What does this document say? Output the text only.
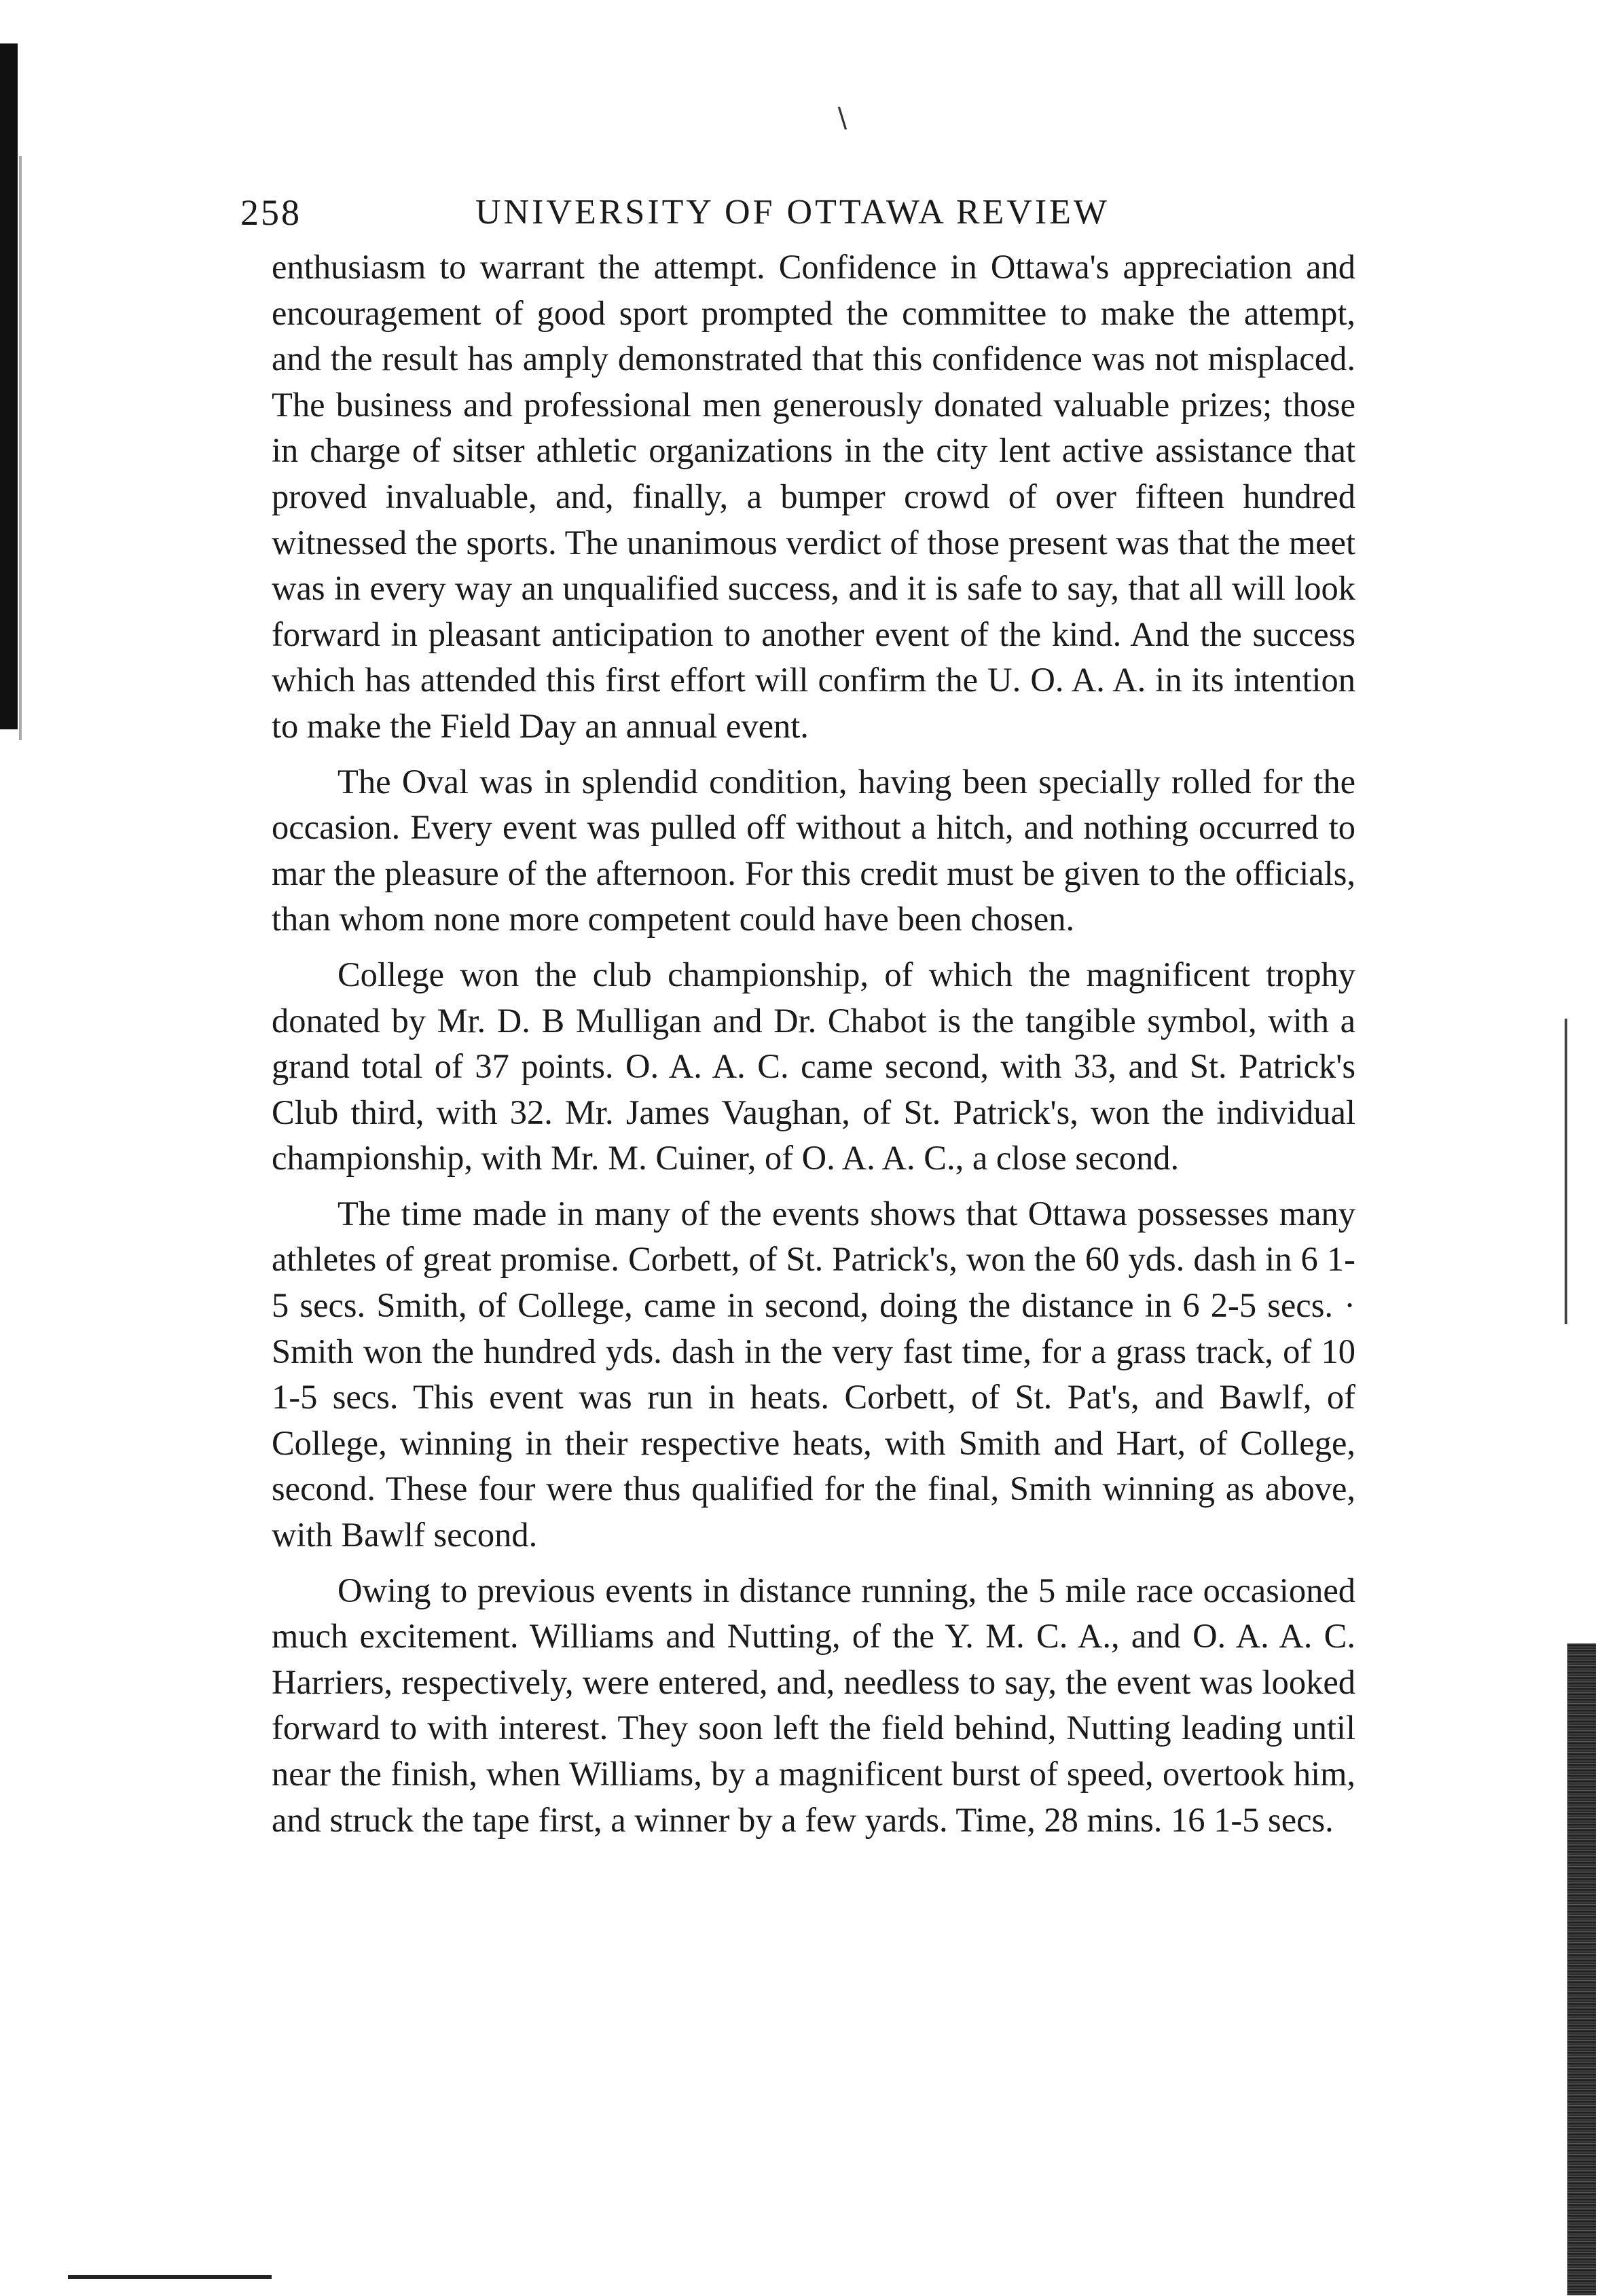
∖
258	UNIVERSITY OF OTTAWA REVIEW

enthusiasm to warrant the attempt. Confidence in Ottawa's appreciation and encouragement of good sport prompted the committee to make the attempt, and the result has amply demonstrated that this confidence was not misplaced. The business and professional men generously donated valuable prizes; those in charge of sitser athletic organizations in the city lent active assistance that proved invaluable, and, finally, a bumper crowd of over fifteen hundred witnessed the sports. The unanimous verdict of those present was that the meet was in every way an unqualified success, and it is safe to say, that all will look forward in pleasant anticipation to another event of the kind. And the success which has attended this first effort will confirm the U. O. A. A. in its intention to make the Field Day an annual event.

The Oval was in splendid condition, having been specially rolled for the occasion. Every event was pulled off without a hitch, and nothing occurred to mar the pleasure of the afternoon. For this credit must be given to the officials, than whom none more competent could have been chosen.

College won the club championship, of which the magnificent trophy donated by Mr. D. B Mulligan and Dr. Chabot is the tangible symbol, with a grand total of 37 points. O. A. A. C. came second, with 33, and St. Patrick's Club third, with 32. Mr. James Vaughan, of St. Patrick's, won the individual championship, with Mr. M. Cuiner, of O. A. A. C., a close second.

The time made in many of the events shows that Ottawa possesses many athletes of great promise. Corbett, of St. Patrick's, won the 60 yds. dash in 6 1-5 secs. Smith, of College, came in second, doing the distance in 6 2-5 secs. · Smith won the hundred yds. dash in the very fast time, for a grass track, of 10 1-5 secs. This event was run in heats. Corbett, of St. Pat's, and Bawlf, of College, winning in their respective heats, with Smith and Hart, of College, second. These four were thus qualified for the final, Smith winning as above, with Bawlf second.

Owing to previous events in distance running, the 5 mile race occasioned much excitement. Williams and Nutting, of the Y. M. C. A., and O. A. A. C. Harriers, respectively, were entered, and, needless to say, the event was looked forward to with interest. They soon left the field behind, Nutting leading until near the finish, when Williams, by a magnificent burst of speed, overtook him, and struck the tape first, a winner by a few yards. Time, 28 mins. 16 1-5 secs.
